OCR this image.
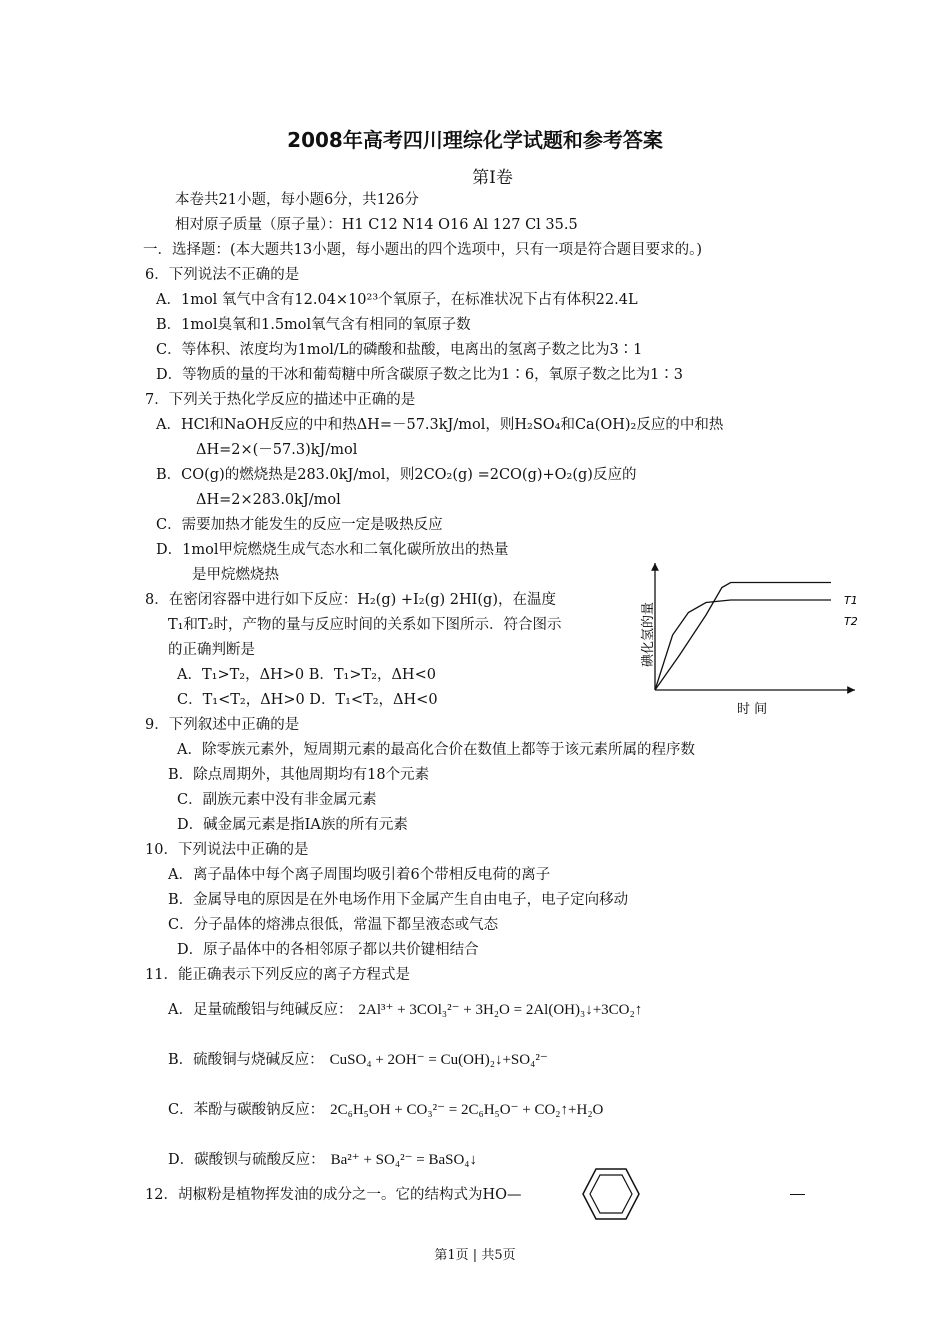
2008年高考四川理综化学试题和参考答案
第Ⅰ卷
本卷共21小题，每小题6分，共126分
相对原子质量（原子量）：H1 C12 N14 O16 Al 127 Cl 35.5
一．选择题：(本大题共13小题，每小题出的四个选项中，只有一项是符合题目要求的。)
6．下列说法不正确的是
A．1mol 氧气中含有12.04×10²³个氧原子，在标准状况下占有体积22.4L
B．1mol臭氧和1.5mol氧气含有相同的氧原子数
C．等体积、浓度均为1mol/L的磷酸和盐酸，电离出的氢离子数之比为3∶1
D．等物质的量的干冰和葡萄糖中所含碳原子数之比为1∶6，氧原子数之比为1∶3
7．下列关于热化学反应的描述中正确的是
A．HCl和NaOH反应的中和热ΔH=－57.3kJ/mol，则H₂SO₄和Ca(OH)₂反应的中和热
ΔH=2×(－57.3)kJ/mol
B．CO(g)的燃烧热是283.0kJ/mol，则2CO₂(g) =2CO(g)+O₂(g)反应的
ΔH=2×283.0kJ/mol
C．需要加热才能发生的反应一定是吸热反应
D．1mol甲烷燃烧生成气态水和二氧化碳所放出的热量
是甲烷燃烧热
8．在密闭容器中进行如下反应：H₂(g) +I₂(g) 2HI(g)，在温度
T₁和T₂时，产物的量与反应时间的关系如下图所示．符合图示
的正确判断是
A．T₁>T₂，ΔH>0 B．T₁>T₂，ΔH<0
C．T₁<T₂，ΔH>0 D．T₁<T₂，ΔH<0
T1
T2
时 间
碘化氢的量
9．下列叙述中正确的是
A．除零族元素外，短周期元素的最高化合价在数值上都等于该元素所属的程序数
B．除点周期外，其他周期均有18个元素
C．副族元素中没有非金属元素
D．碱金属元素是指ⅠA族的所有元素
10．下列说法中正确的是
A．离子晶体中每个离子周围均吸引着6个带相反电荷的离子
B．金属导电的原因是在外电场作用下金属产生自由电子，电子定向移动
C．分子晶体的熔沸点很低，常温下都呈液态或气态
D．原子晶体中的各相邻原子都以共价键相结合
11．能正确表示下列反应的离子方程式是
A．足量硫酸铝与纯碱反应： 2Al³⁺ + 3COl₃²⁻ + 3H₂O = 2Al(OH)₃↓+3CO₂↑
B．硫酸铜与烧碱反应： CuSO₄ + 2OH⁻ = Cu(OH)₂↓+SO₄²⁻
C．苯酚与碳酸钠反应： 2C₆H₅OH + CO₃²⁻ = 2C₆H₅O⁻ + CO₂↑+H₂O
D．碳酸钡与硫酸反应： Ba²⁺ + SO₄²⁻ = BaSO₄↓
12．胡椒粉是植物挥发油的成分之一。它的结构式为HO—
第1页 | 共5页
